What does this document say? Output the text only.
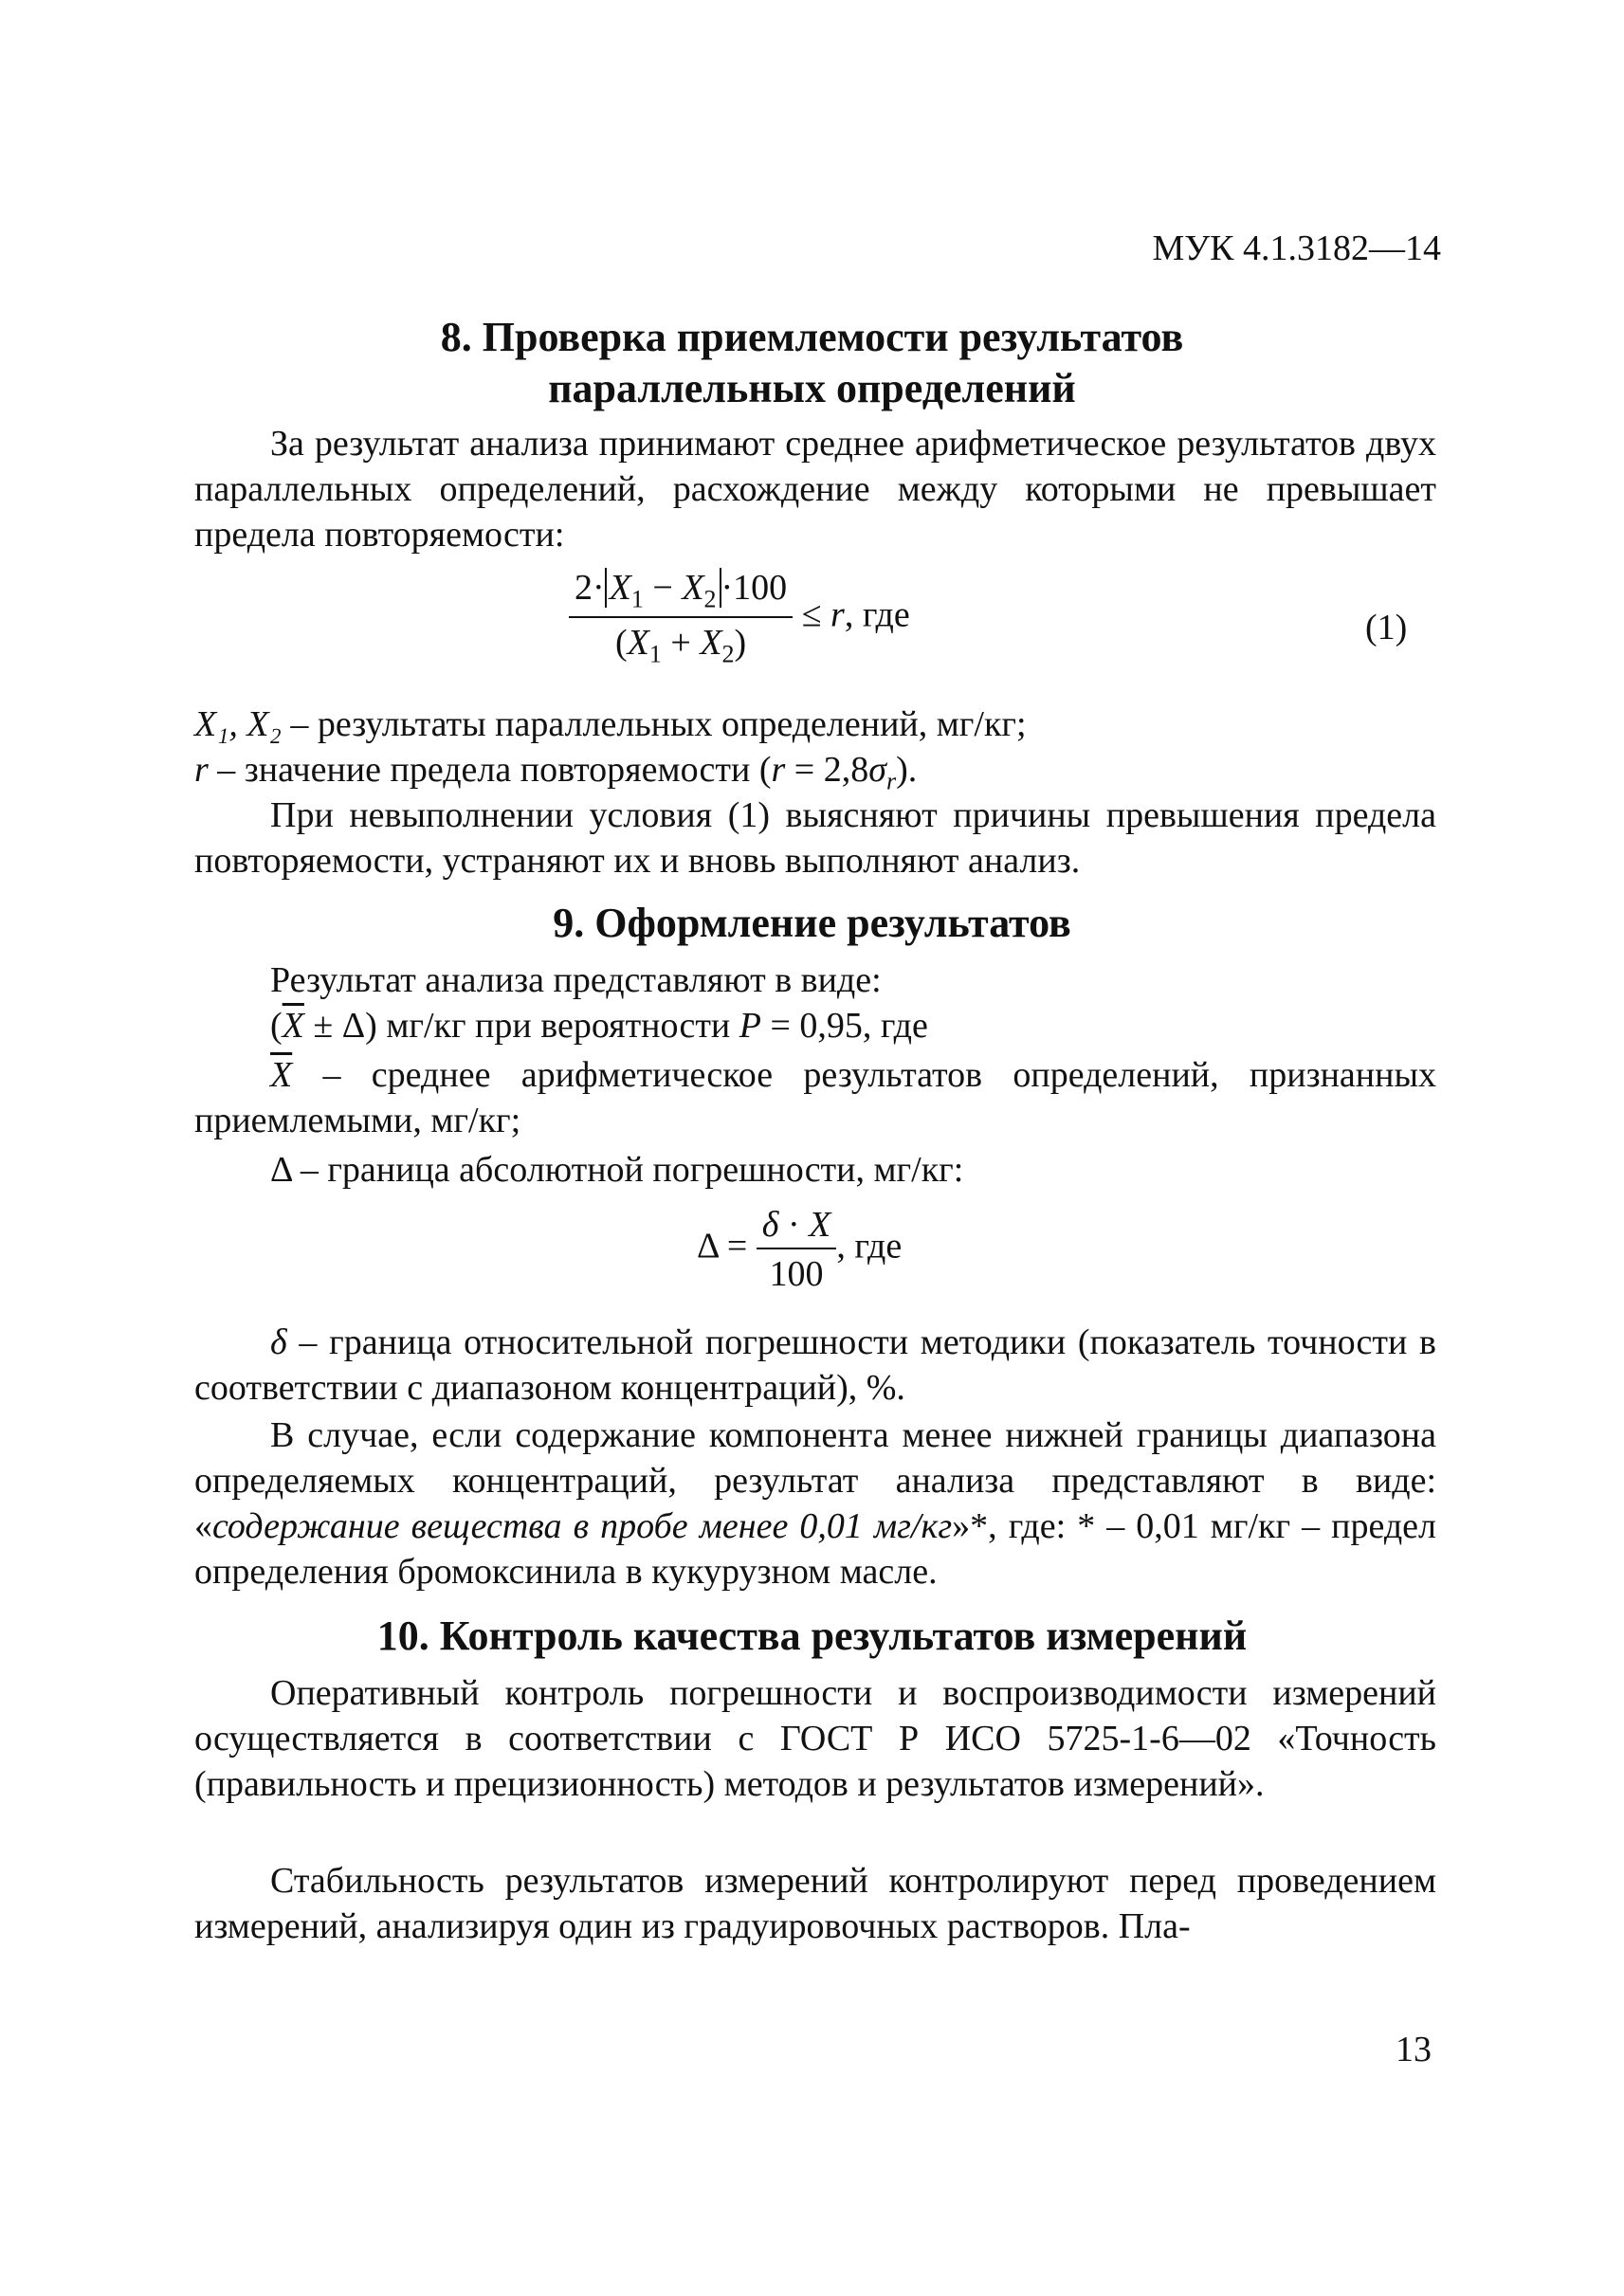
МУК 4.1.3182—14
8. Проверка приемлемости результатов
параллельных определений
За результат анализа принимают среднее арифметическое результатов двух параллельных определений, расхождение между которыми не превышает предела повторяемости:
$\frac{2\cdot X_1 - X_2 \cdot 100}{(X_1 + X_2)} \le r$, где	(1)
X₁, X₂ – результаты параллельных определений, мг/кг;
r – значение предела повторяемости $(r = 2,8\sigma_r)$.
При невыполнении условия (1) выясняют причины превышения предела повторяемости, устраняют их и вновь выполняют анализ.
9. Оформление результатов
Результат анализа представляют в виде:
$(\overline{X} \pm \Delta)$ мг/кг при вероятности P = 0,95, где
$\overline{X}$ – среднее арифметическое результатов определений, признанных приемлемыми, мг/кг;
Δ – граница абсолютной погрешности, мг/кг:
$\Delta = \frac{\delta \cdot X}{100}$ , где
δ – граница относительной погрешности методики (показатель точности в соответствии с диапазоном концентраций), %.
В случае, если содержание компонента менее нижней границы диапазона определяемых концентраций, результат анализа представляют в виде: «содержание вещества в пробе менее 0,01 мг/кг»*, где: * – 0,01 мг/кг – предел определения бромоксинила в кукурузном масле.
10. Контроль качества результатов измерений
Оперативный контроль погрешности и воспроизводимости измерений осуществляется в соответствии с ГОСТ Р ИСО 5725-1-6—02 «Точность (правильность и прецизионность) методов и результатов измерений».
Стабильность результатов измерений контролируют перед проведением измерений, анализируя один из градуировочных растворов. Пла-
13
